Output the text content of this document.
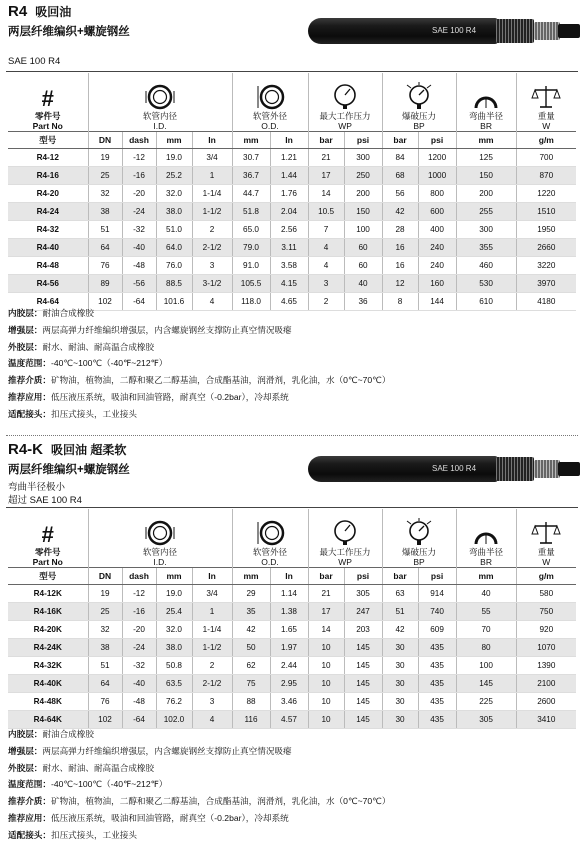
R4 吸回油
两层纤维编织+螺旋钢丝	SAE 100 R4
SAE 100 R4
#
零件号
Part No	软管内径
I.D.				软管外径
O.D.		最大工作压力
WP		爆破压力
BP		弯曲半径
BR	重量
W
型号	DN	dash	mm	In	mm	In	bar	psi	bar	psi	mm	g/m
R4-12	19	-12	19.0	3/4	30.7	1.21	21	300	84	1200	125	700
R4-16	25	-16	25.2	1	36.7	1.44	17	250	68	1000	150	870
R4-20	32	-20	32.0	1-1/4	44.7	1.76	14	200	56	800	200	1220
R4-24	38	-24	38.0	1-1/2	51.8	2.04	10.5	150	42	600	255	1510
R4-32	51	-32	51.0	2	65.0	2.56	7	100	28	400	300	1950
R4-40	64	-40	64.0	2-1/2	79.0	3.11	4	60	16	240	355	2660
R4-48	76	-48	76.0	3	91.0	3.58	4	60	16	240	460	3220
R4-56	89	-56	88.5	3-1/2	105.5	4.15	3	40	12	160	530	3970
R4-64	102	-64	101.6	4	118.0	4.65	2	36	8	144	610	4180
内胶层：耐油合成橡胶
增强层：两层高弹力纤维编织增强层，内含螺旋钢丝支撑防止真空情况吸瘪
外胶层：耐水、耐油、耐高温合成橡胶
温度范围：-40℃~100℃（-40℉~212℉）
推荐介质：矿物油，植物油，二醇和聚乙二醇基油，合成酯基油，润滑剂，乳化油，水（0℃~70℃）
推荐应用：低压液压系统，吸油和回油管路，耐真空（-0.2bar），冷却系统
适配接头：扣压式接头，工业接头
R4-K 吸回油 超柔软
两层纤维编织+螺旋钢丝	SAE 100 R4
弯曲半径极小
超过 SAE 100 R4
#
零件号
Part No	软管内径
I.D.				软管外径
O.D.		最大工作压力
WP		爆破压力
BP		弯曲半径
BR	重量
W
型号	DN	dash	mm	In	mm	In	bar	psi	bar	psi	mm	g/m
R4-12K	19	-12	19.0	3/4	29	1.14	21	305	63	914	40	580
R4-16K	25	-16	25.4	1	35	1.38	17	247	51	740	55	750
R4-20K	32	-20	32.0	1-1/4	42	1.65	14	203	42	609	70	920
R4-24K	38	-24	38.0	1-1/2	50	1.97	10	145	30	435	80	1070
R4-32K	51	-32	50.8	2	62	2.44	10	145	30	435	100	1390
R4-40K	64	-40	63.5	2-1/2	75	2.95	10	145	30	435	145	2100
R4-48K	76	-48	76.2	3	88	3.46	10	145	30	435	225	2600
R4-64K	102	-64	102.0	4	116	4.57	10	145	30	435	305	3410
内胶层：耐油合成橡胶
增强层：两层高弹力纤维编织增强层，内含螺旋钢丝支撑防止真空情况吸瘪
外胶层：耐水、耐油、耐高温合成橡胶
温度范围：-40℃~100℃（-40℉~212℉）
推荐介质：矿物油，植物油，二醇和聚乙二醇基油，合成酯基油，润滑剂，乳化油，水（0℃~70℃）
推荐应用：低压液压系统，吸油和回油管路，耐真空（-0.2bar），冷却系统
适配接头：扣压式接头，工业接头
